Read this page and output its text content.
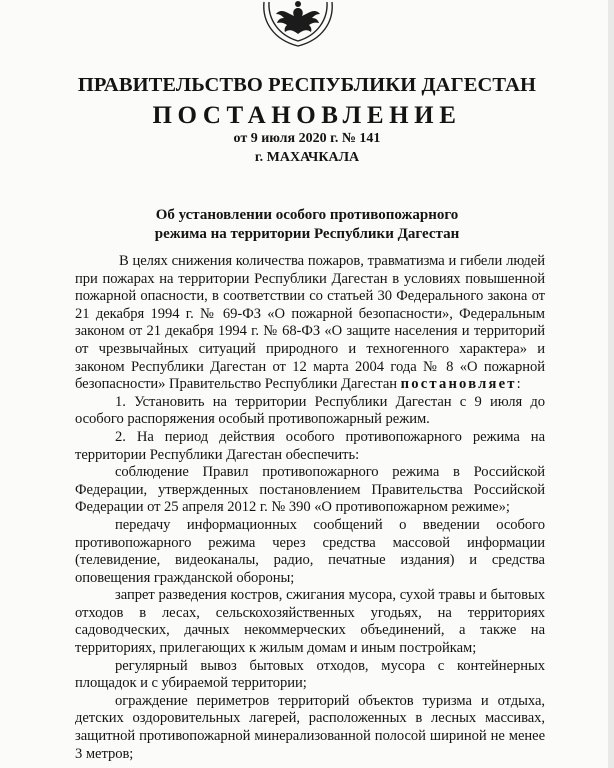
ПРАВИТЕЛЬСТВО РЕСПУБЛИКИ ДАГЕСТАН
ПОСТАНОВЛЕНИЕ
от 9 июля 2020 г. № 141
г. МАХАЧКАЛА
Об установлении особого противопожарного
режима на территории Республики Дагестан

В целях снижения количества пожаров, травматизма и гибели людей при пожарах на территории Республики Дагестан в условиях повышенной пожарной опасности, в соответствии со статьей 30 Федерального закона от 21 декабря 1994 г. № 69-ФЗ «О пожарной безопасности», Федеральным законом от 21 декабря 1994 г. № 68-ФЗ «О защите населения и территорий от чрезвычайных ситуаций природного и техногенного характера» и законом Республики Дагестан от 12 марта 2004 года № 8 «О пожарной безопасности» Правительство Республики Дагестан постановляет:

1. Установить на территории Республики Дагестан с 9 июля до особого распоряжения особый противопожарный режим.

2. На период действия особого противопожарного режима на территории Республики Дагестан обеспечить:

соблюдение Правил противопожарного режима в Российской Федерации, утвержденных постановлением Правительства Российской Федерации от 25 апреля 2012 г. № 390 «О противопожарном режиме»;

передачу информационных сообщений о введении особого противопожарного режима через средства массовой информации (телевидение, видеоканалы, радио, печатные издания) и средства оповещения гражданской обороны;

запрет разведения костров, сжигания мусора, сухой травы и бытовых отходов в лесах, сельскохозяйственных угодьях, на территориях садоводческих, дачных некоммерческих объединений, а также на территориях, прилегающих к жилым домам и иным постройкам;

регулярный вывоз бытовых отходов, мусора с контейнерных площадок и с убираемой территории;

ограждение периметров территорий объектов туризма и отдыха, детских оздоровительных лагерей, расположенных в лесных массивах, защитной противопожарной минерализованной полосой шириной не менее 3 метров;
